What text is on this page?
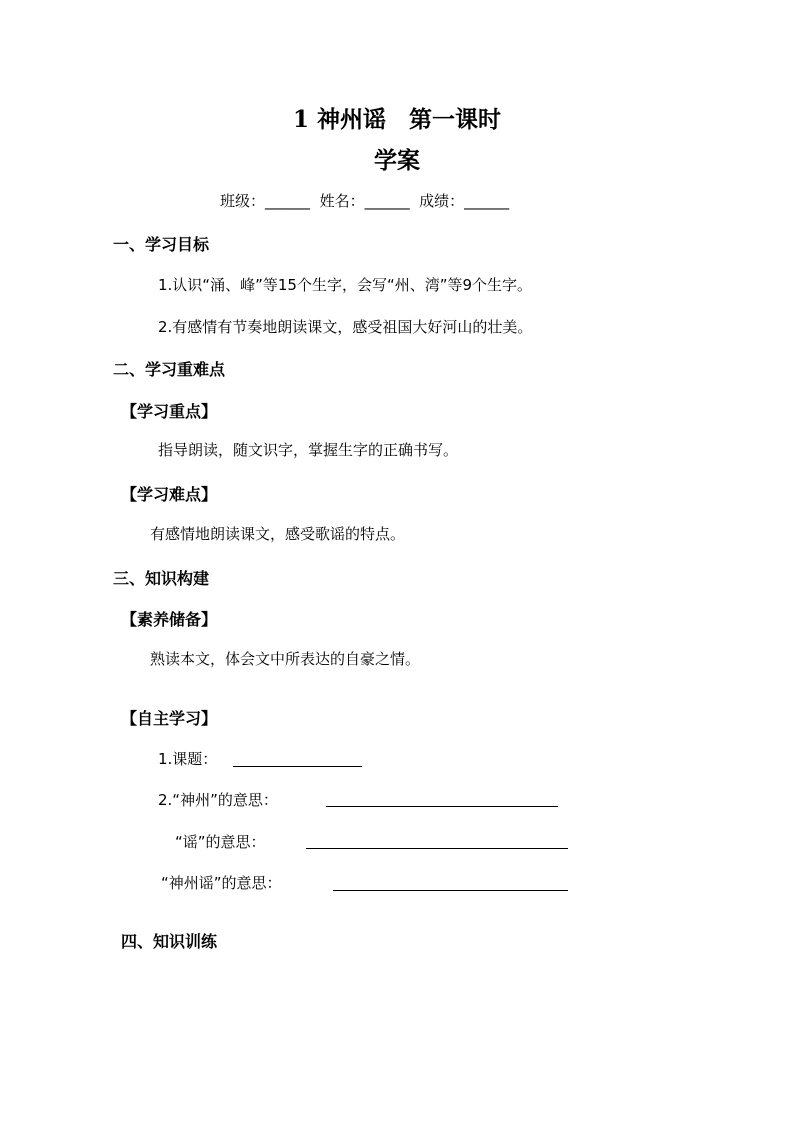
1 神州谣　第一课时
学案
班级：______ 姓名：______ 成绩：______
一、学习目标
1.认识“涌、峰”等15个生字，会写“州、湾”等9个生字。
2.有感情有节奏地朗读课文，感受祖国大好河山的壮美。
二、学习重难点
【学习重点】
指导朗读，随文识字，掌握生字的正确书写。
【学习难点】
有感情地朗读课文，感受歌谣的特点。
三、知识构建
【素养储备】
熟读本文，体会文中所表达的自豪之情。
【自主学习】
1.课题：
2.“神州”的意思：
“谣”的意思：
“神州谣”的意思：
四、知识训练
